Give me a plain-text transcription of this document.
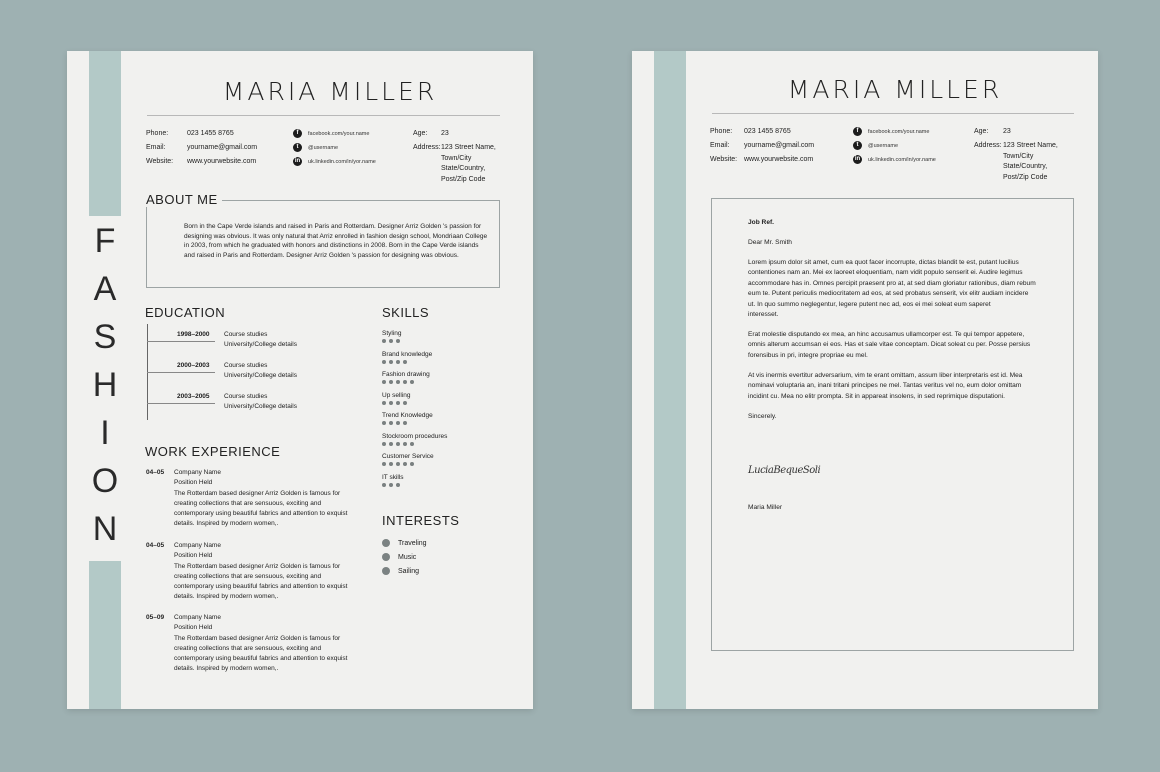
F
A
S
H
I
O
N
MARIA MILLER
Phone:	023 1455 8765
Email:	yourname@gmail.com
Website: www.yourwebsite.com
f	facebook.com/your.name
t	@username
in	uk.linkedin.com/in/yor.name
Age: 23
Address: 123 Street Name,
Town/City
State/Country,
Post/Zip Code
ABOUT ME
Born in the Cape Verde islands and raised in Paris and Rotterdam. Designer Arriz Golden 's passion for
designing was obvious. It was only natural that Arriz enrolled in fashion design school, Mondriaan College
in 2003, from which he graduated with honors and distinctions in 2008. Born in the Cape Verde islands
and raised in Paris and Rotterdam. Designer Arriz Golden 's passion for designing was obvious.
EDUCATION
1998–2000 Course studies
University/College details
2000–2003 Course studies
University/College details
2003–2005 Course studies
University/College details
SKILLS
Styling
Brand knowledge
Fashion drawing
Up selling
Trend Knowledge
Stockroom procedures
Customer Service
IT skills
INTERESTS
Traveling
Music
Sailing
WORK EXPERIENCE
04–05 Company Name
Position Held
The Rotterdam based designer Arriz Golden is famous for
creating collections that are sensuous, exciting and
contemporary using beautiful fabrics and attention to exquist
details. Inspired by modern women,.
04–05 Company Name
Position Held
The Rotterdam based designer Arriz Golden is famous for
creating collections that are sensuous, exciting and
contemporary using beautiful fabrics and attention to exquist
details. Inspired by modern women,.
05–09 Company Name
Position Held
The Rotterdam based designer Arriz Golden is famous for
creating collections that are sensuous, exciting and
contemporary using beautiful fabrics and attention to exquist
details. Inspired by modern women,.
MARIA MILLER
Phone: 023 1455 8765
Email: yourname@gmail.com
Website: www.yourwebsite.com
f	facebook.com/your.name
t	@username
in	uk.linkedin.com/in/yor.name
Age: 23
Address: 123 Street Name,
Town/City
State/Country,
Post/Zip Code

Job Ref.

Dear Mr. Smith

Lorem ipsum dolor sit amet, cum ea quot facer incorrupte, dictas blandit te est, putant lucilius
contentiones nam an. Mei ex laoreet eloquentiam, nam vidit populo senserit ei. Audire legimus
accommodare has in. Omnes percipit praesent pro at, at sed diam gloriatur rationibus, diam rebum
eum te. Putent periculis mediocritatem ad eos, at sed probatus senserit, vix elitr audiam incidere
ut. In quo summo neglegentur, legere putent nec ad, eos ei mei soleat eum saperet
interesset.

Erat molestie disputando ex mea, an hinc accusamus ullamcorper est. Te qui tempor appetere,
omnis alterum accumsan ei eos. Has et sale vitae conceptam. Dicat soleat cu per. Posse persius
forensibus in pri, integre propriae eu mel.

At vis inermis evertitur adversarium, vim te erant omittam, assum liber interpretaris est id. Mea
nominavi voluptaria an, inani tritani principes ne mel. Tantas veritus vel no, eum dolor omittam
incidint cu. Mea no elitr prompta. Sit in appareat insolens, in sed reprimique disputationi.

Sincerely.

LuciaBequeSoli
Maria Miller
